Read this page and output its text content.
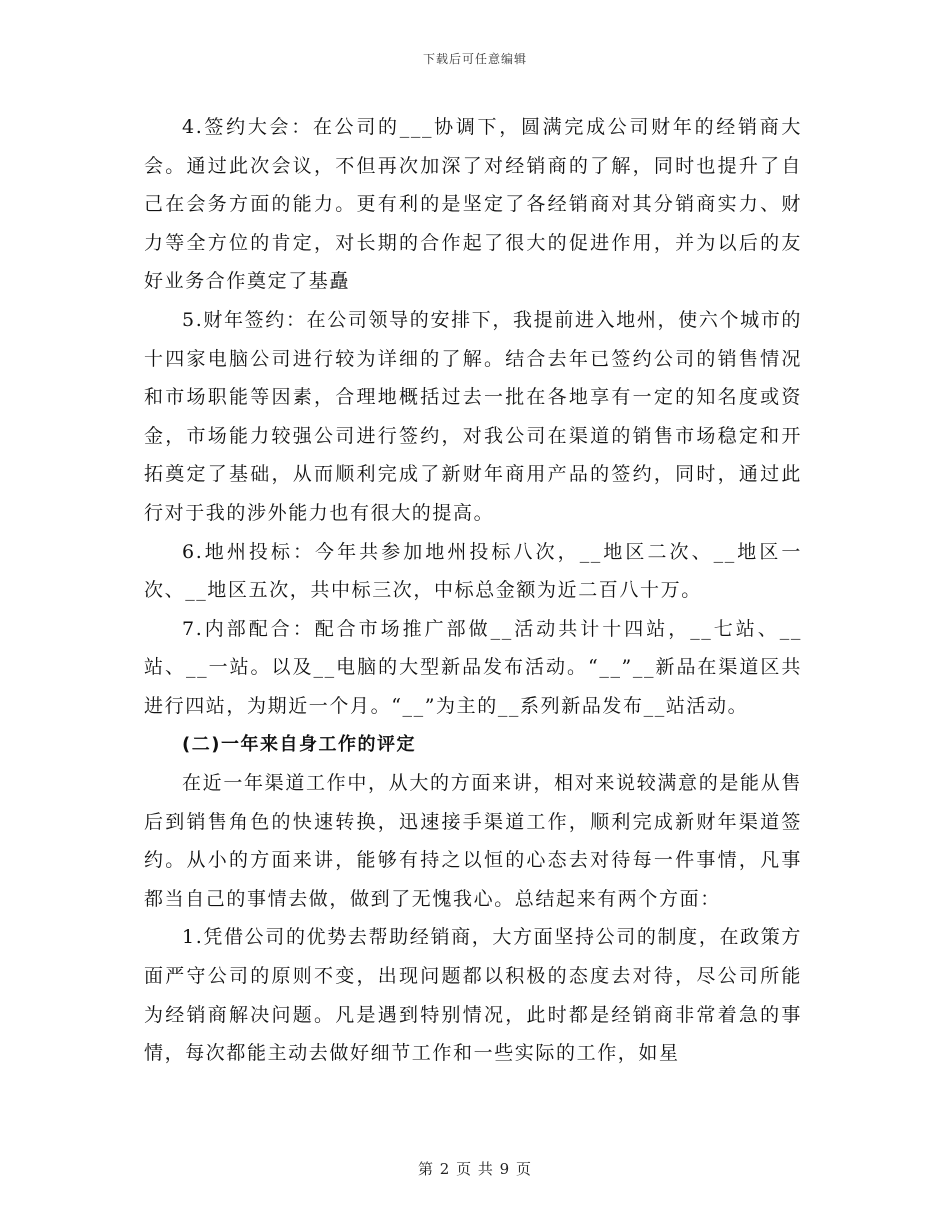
下载后可任意编辑

4.签约大会：在公司的___协调下，圆满完成公司财年的经销商大会。通过此次会议，不但再次加深了对经销商的了解，同时也提升了自己在会务方面的能力。更有利的是坚定了各经销商对其分销商实力、财力等全方位的肯定，对长期的合作起了很大的促进作用，并为以后的友好业务合作奠定了基矗

5.财年签约：在公司领导的安排下，我提前进入地州，使六个城市的十四家电脑公司进行较为详细的了解。结合去年已签约公司的销售情况和市场职能等因素，合理地概括过去一批在各地享有一定的知名度或资金，市场能力较强公司进行签约，对我公司在渠道的销售市场稳定和开拓奠定了基础，从而顺利完成了新财年商用产品的签约，同时，通过此行对于我的涉外能力也有很大的提高。

6.地州投标：今年共参加地州投标八次，__地区二次、__地区一次、__地区五次，共中标三次，中标总金额为近二百八十万。

7.内部配合：配合市场推广部做__活动共计十四站，__七站、__站、__一站。以及__电脑的大型新品发布活动。“__”__新品在渠道区共进行四站，为期近一个月。“__”为主的__系列新品发布__站活动。

(二)一年来自身工作的评定

在近一年渠道工作中，从大的方面来讲，相对来说较满意的是能从售后到销售角色的快速转换，迅速接手渠道工作，顺利完成新财年渠道签约。从小的方面来讲，能够有持之以恒的心态去对待每一件事情，凡事都当自己的事情去做，做到了无愧我心。总结起来有两个方面：

1.凭借公司的优势去帮助经销商，大方面坚持公司的制度，在政策方面严守公司的原则不变，出现问题都以积极的态度去对待，尽公司所能为经销商解决问题。凡是遇到特别情况，此时都是经销商非常着急的事情，每次都能主动去做好细节工作和一些实际的工作，如星

第 2 页 共 9 页
